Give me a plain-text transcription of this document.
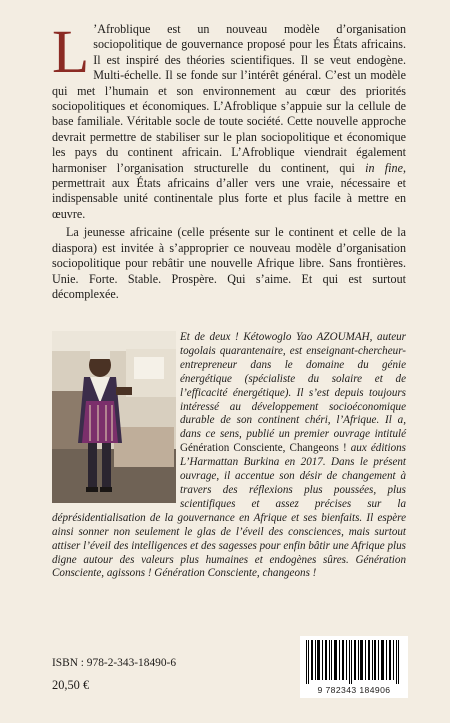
L ’Afroblique est un nouveau modèle d’organisation sociopolitique de gouvernance proposé pour les États africains. Il est inspiré des théories scientifiques. Il se veut endogène. Multi-échelle. Il se fonde sur l’intérêt général. C’est un modèle qui met l’humain et son environnement au cœur des priorités sociopolitiques et économiques. L’Afroblique s’appuie sur la cellule de base familiale. Véritable socle de toute société. Cette nouvelle approche devrait permettre de stabiliser sur le plan sociopolitique et économique les pays du continent africain. L’Afroblique viendrait également harmoniser l’organisation structurelle du continent, qui in fine, permettrait aux États africains d’aller vers une vraie, nécessaire et indispensable unité continentale plus forte et plus facile à mettre en œuvre.

La jeunesse africaine (celle présente sur le continent et celle de la diaspora) est invitée à s’approprier ce nouveau modèle d’organisation sociopolitique pour rebâtir une nouvelle Afrique libre. Sans frontières. Unie. Forte. Stable. Prospère. Qui s’aime. Et qui est surtout décomplexée.

Et de deux ! Kétowoglo Yao AZOUMAH, auteur togolais quarantenaire, est enseignant-chercheur-entrepreneur dans le domaine du génie énergétique (spécialiste du solaire et de l’efficacité énergétique). Il s’est depuis toujours intéressé au développement socioéconomique durable de son continent chéri, l’Afrique. Il a, dans ce sens, publié un premier ouvrage intitulé Génération Consciente, Changeons ! aux éditions L’Harmattan Burkina en 2017. Dans le présent ouvrage, il accentue son désir de changement à travers des réflexions plus poussées, plus scientifiques et assez précises sur la déprésidentialisation de la gouvernance en Afrique et ses bienfaits. Il espère ainsi sonner non seulement le glas de l’éveil des consciences, mais surtout attiser l’éveil des intelligences et des sagesses pour enfin bâtir une Afrique plus digne autour des valeurs plus humaines et endogènes sûres. Génération Consciente, agissons ! Génération Consciente, changeons !
ISBN : 978-2-343-18490-6
20,50 €	9 782343 184906
